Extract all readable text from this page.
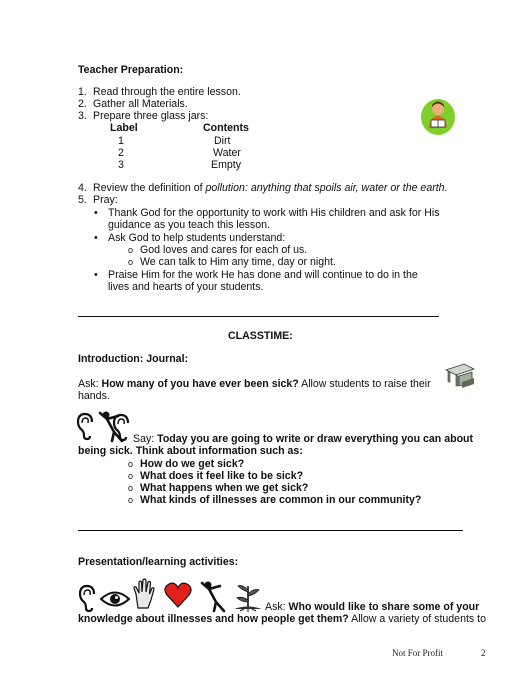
Teacher Preparation:
1. Read through the entire lesson.
2. Gather all Materials.
3. Prepare three glass jars:
Label	Contents
1	Dirt
2	Water
3	Empty
4. Review the definition of pollution: anything that spoils air, water or the earth.
5. Pray:
• Thank God for the opportunity to work with His children and ask for His
guidance as you teach this lesson.
• Ask God to help students understand:
o God loves and cares for each of us.
o We can talk to Him any time, day or night.
• Praise Him for the work He has done and will continue to do in the
lives and hearts of your students.
CLASSTIME:
Introduction: Journal:
Ask: How many of you have ever been sick? Allow students to raise their
hands.
Say: Today you are going to write or draw everything you can about
being sick. Think about information such as:
o How do we get sick?
o What does it feel like to be sick?
o What happens when we get sick?
o What kinds of illnesses are common in our community?
Presentation/learning activities:
Ask: Who would like to share some of your
knowledge about illnesses and how people get them? Allow a variety of students to
Not For Profit	2
